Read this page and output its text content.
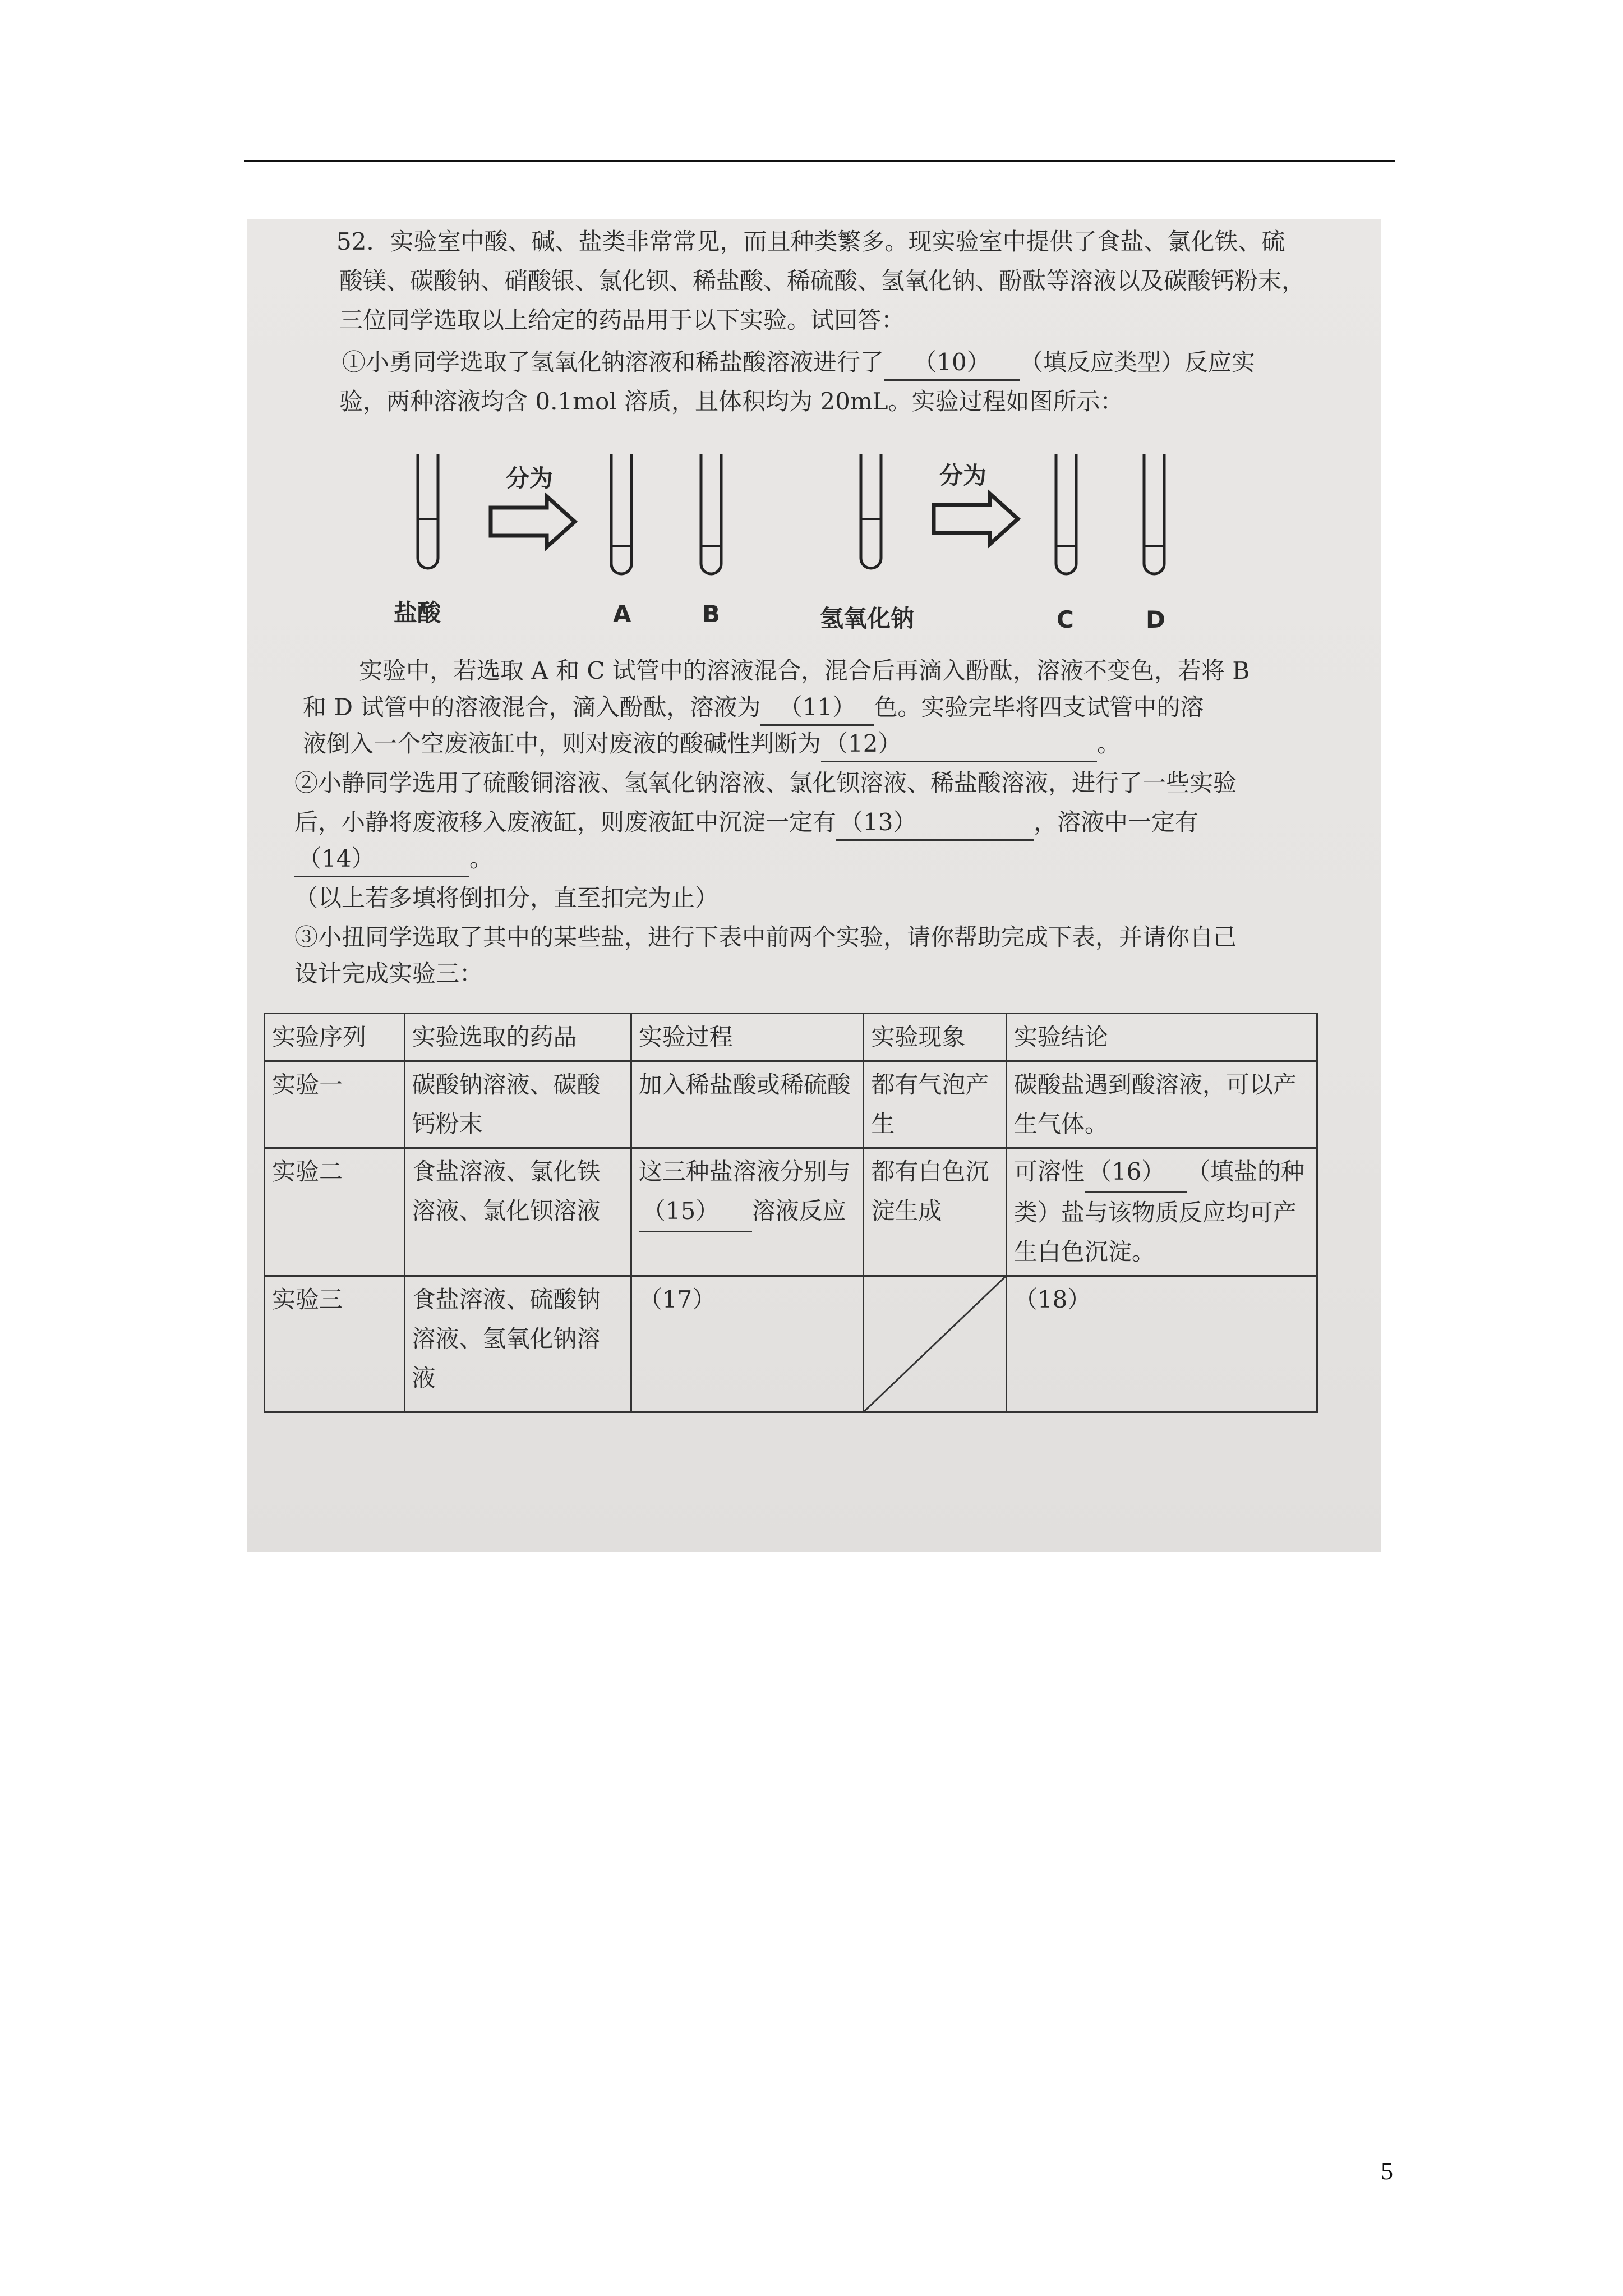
52．实验室中酸、碱、盐类非常常见，而且种类繁多。现实验室中提供了食盐、氯化铁、硫
酸镁、碳酸钠、硝酸银、氯化钡、稀盐酸、稀硫酸、氢氧化钠、酚酞等溶液以及碳酸钙粉末，
三位同学选取以上给定的药品用于以下实验。试回答：
①小勇同学选取了氢氧化钠溶液和稀盐酸溶液进行了 （10） （填反应类型）反应实
验，两种溶液均含 0.1mol 溶质，且体积均为 20mL。实验过程如图所示：
分为	分为
盐酸	A	B	氢氧化钠	C	D
实验中，若选取 A 和 C 试管中的溶液混合，混合后再滴入酚酞，溶液不变色，若将 B
和 D 试管中的溶液混合，滴入酚酞，溶液为 （11） 色。实验完毕将四支试管中的溶
液倒入一个空废液缸中，则对废液的酸碱性判断为 （12）	。
②小静同学选用了硫酸铜溶液、氢氧化钠溶液、氯化钡溶液、稀盐酸溶液，进行了一些实验
后，小静将废液移入废液缸，则废液缸中沉淀一定有 （13）	，溶液中一定有
（14）	。
（以上若多填将倒扣分，直至扣完为止）
③小扭同学选取了其中的某些盐，进行下表中前两个实验，请你帮助完成下表，并请你自己
设计完成实验三：
实验序列	实验选取的药品	实验过程	实验现象	实验结论
实验一	碳酸钠溶液、碳酸钙粉末	加入稀盐酸或稀硫酸	都有气泡产生	碳酸盐遇到酸溶液，可以产生气体。
实验二	食盐溶液、氯化铁溶液、氯化钡溶液	这三种盐溶液分别与（15） 溶液反应	都有白色沉淀生成	可溶性 （16） （填盐的种类）盐与该物质反应均可产生白色沉淀。
实验三	食盐溶液、硫酸钠溶液、氢氧化钠溶液	（17）		（18）
5
